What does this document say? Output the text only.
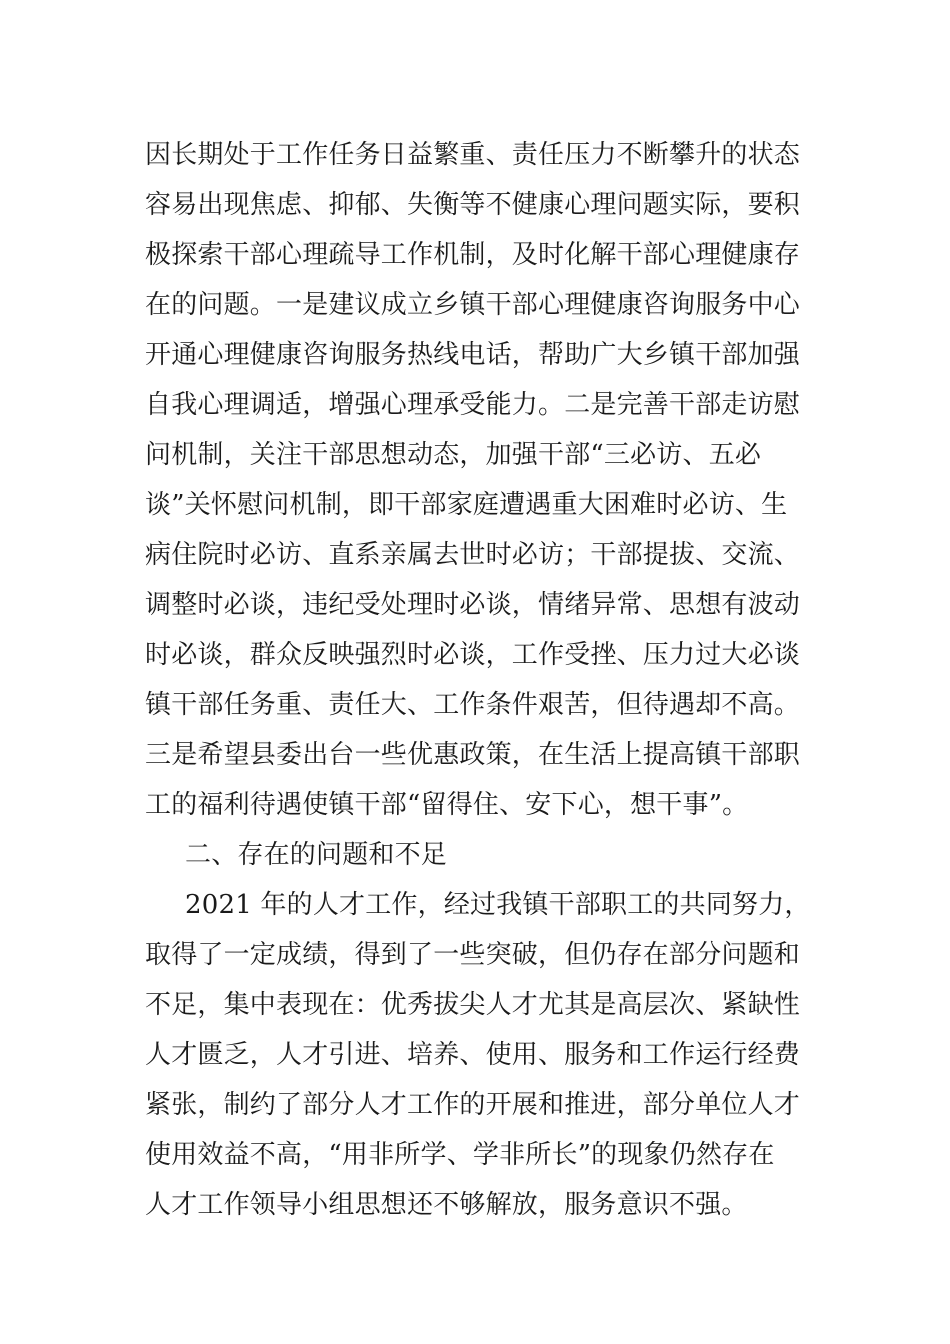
因长期处于工作任务日益繁重、责任压力不断攀升的状态
容易出现焦虑、抑郁、失衡等不健康心理问题实际，要积
极探索干部心理疏导工作机制，及时化解干部心理健康存
在的问题。一是建议成立乡镇干部心理健康咨询服务中心
开通心理健康咨询服务热线电话，帮助广大乡镇干部加强
自我心理调适，增强心理承受能力。二是完善干部走访慰
问机制，关注干部思想动态，加强干部“三必访、五必
谈”关怀慰问机制，即干部家庭遭遇重大困难时必访、生
病住院时必访、直系亲属去世时必访；干部提拔、交流、
调整时必谈，违纪受处理时必谈，情绪异常、思想有波动
时必谈，群众反映强烈时必谈，工作受挫、压力过大必谈
镇干部任务重、责任大、工作条件艰苦，但待遇却不高。
三是希望县委出台一些优惠政策，在生活上提高镇干部职
工的福利待遇使镇干部“留得住、安下心，想干事”。
二、存在的问题和不足
2021 年的人才工作，经过我镇干部职工的共同努力，
取得了一定成绩，得到了一些突破，但仍存在部分问题和
不足，集中表现在：优秀拔尖人才尤其是高层次、紧缺性
人才匮乏，人才引进、培养、使用、服务和工作运行经费
紧张，制约了部分人才工作的开展和推进，部分单位人才
使用效益不高，“用非所学、学非所长”的现象仍然存在
人才工作领导小组思想还不够解放，服务意识不强。
